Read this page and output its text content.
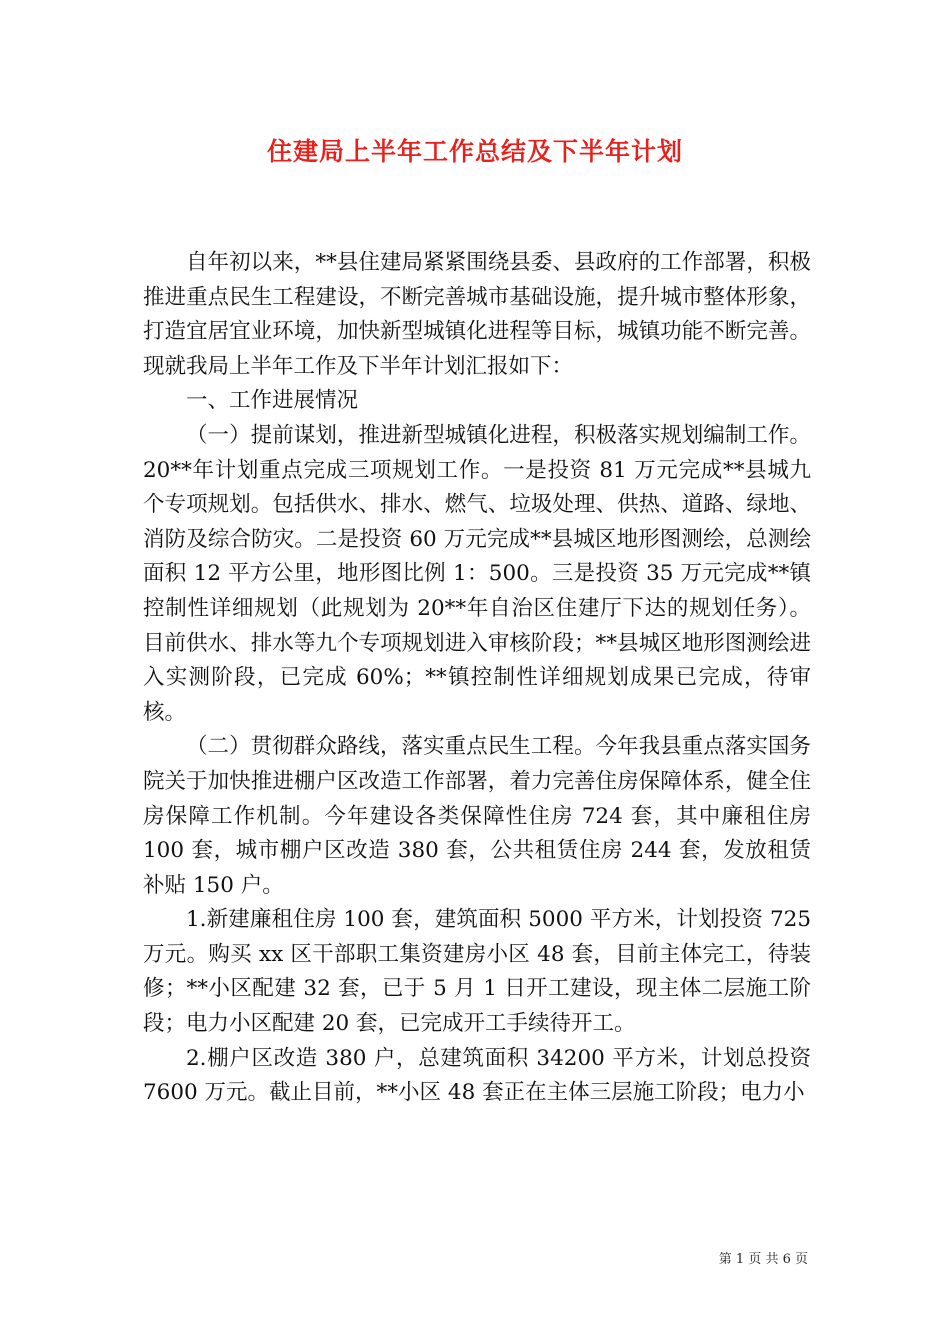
住建局上半年工作总结及下半年计划

自年初以来，**县住建局紧紧围绕县委、县政府的工作部署，积极推进重点民生工程建设，不断完善城市基础设施，提升城市整体形象，打造宜居宜业环境，加快新型城镇化进程等目标，城镇功能不断完善。现就我局上半年工作及下半年计划汇报如下：

一、工作进展情况

（一）提前谋划，推进新型城镇化进程，积极落实规划编制工作。20**年计划重点完成三项规划工作。一是投资 81 万元完成**县城九个专项规划。包括供水、排水、燃气、垃圾处理、供热、道路、绿地、消防及综合防灾。二是投资 60 万元完成**县城区地形图测绘，总测绘面积 12 平方公里，地形图比例 1：500。三是投资 35 万元完成**镇控制性详细规划（此规划为 20**年自治区住建厅下达的规划任务）。目前供水、排水等九个专项规划进入审核阶段；**县城区地形图测绘进入实测阶段，已完成 60%；**镇控制性详细规划成果已完成，待审核。

（二）贯彻群众路线，落实重点民生工程。今年我县重点落实国务院关于加快推进棚户区改造工作部署，着力完善住房保障体系，健全住房保障工作机制。今年建设各类保障性住房 724 套，其中廉租住房 100 套，城市棚户区改造 380 套，公共租赁住房 244 套，发放租赁补贴 150 户。

1.新建廉租住房 100 套，建筑面积 5000 平方米，计划投资 725 万元。购买 xx 区干部职工集资建房小区 48 套，目前主体完工，待装修；**小区配建 32 套，已于 5 月 1 日开工建设，现主体二层施工阶段；电力小区配建 20 套，已完成开工手续待开工。

2.棚户区改造 380 户，总建筑面积 34200 平方米，计划总投资 7600 万元。截止目前，**小区 48 套正在主体三层施工阶段；电力小

第 1 页 共 6 页
